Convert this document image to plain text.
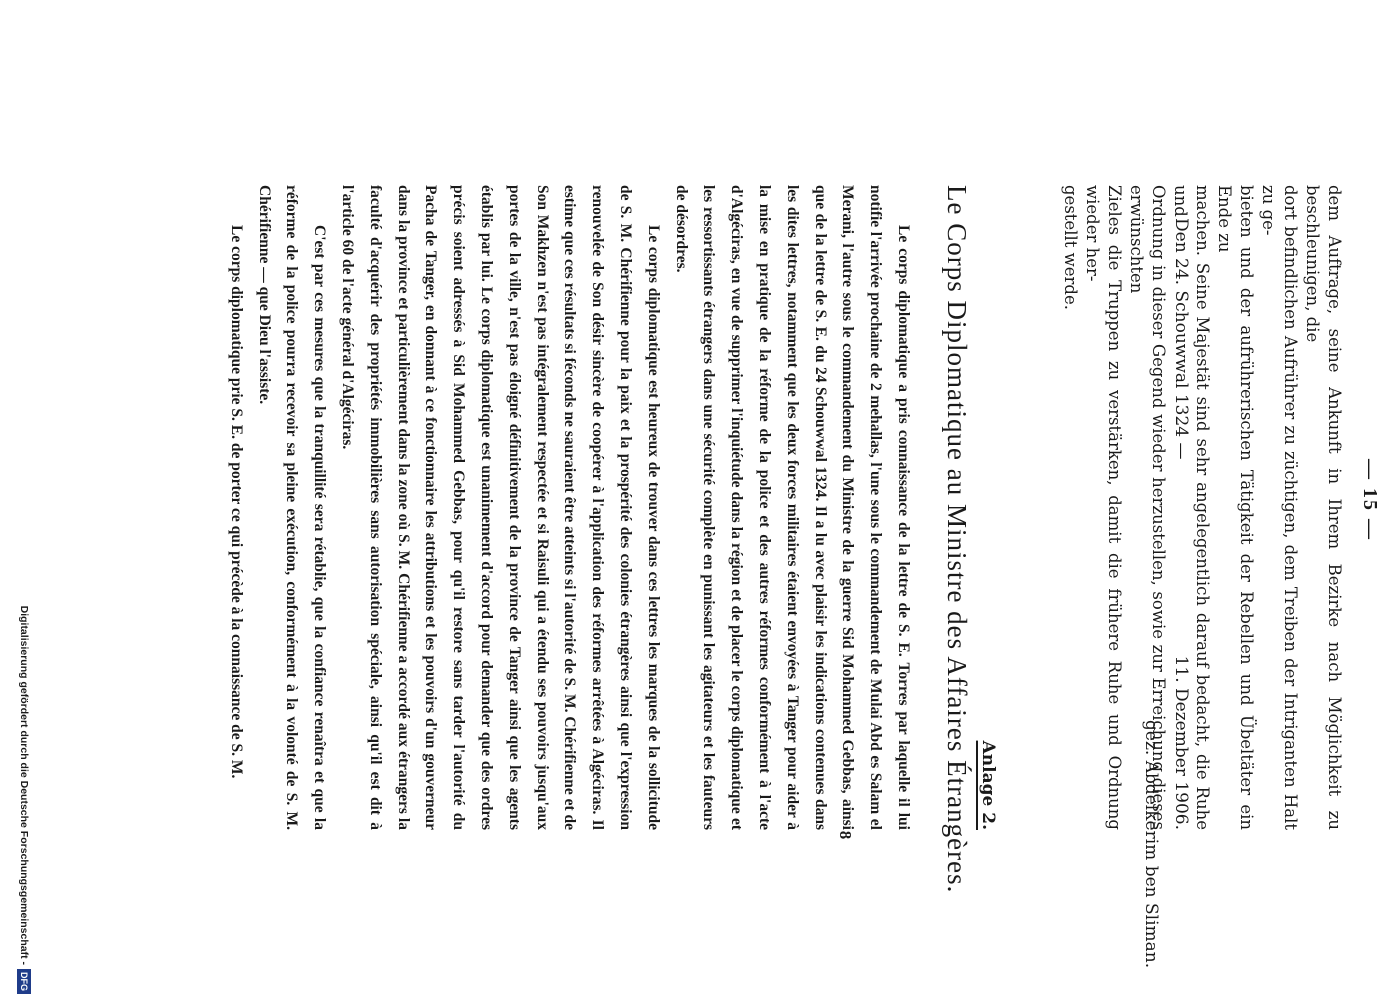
— 15 —

dem Auftrage, seine Ankunft in Ihrem Bezirke nach Möglichkeit zu beschleunigen, die

dort befindlichen Aufrührer zu züchtigen, dem Treiben der Intriganten Halt zu ge-

bieten und der aufrührerischen Tätigkeit der Rebellen und Übeltäter ein Ende zu

machen. Seine Majestät sind sehr angelegentlich darauf bedacht, die Ruhe und

Ordnung in dieser Gegend wieder herzustellen, sowie zur Erreichung dieses erwünschten

Zieles die Truppen zu verstärken, damit die frühere Ruhe und Ordnung wieder her-

gestellt werde.	Den 24. Schouwwal 1324 —
11. Dezember 1906.
gez. Abdelkerim ben Sliman.
Anlage 2.
Le Corps Diplomatique au Ministre des Affaires Étrangères.

Le corps diplomatique a pris connaissance de la lettre de S. E. Torres par laquelle il lui notifie l'arrivée prochaine de 2 mehallas, l'une sous le commandement de Mulai Abd es Salam el Merani, l'autre sous le commandement du Ministre de la guerre Sid Mohammed Gebbas, ainsi que de la lettre de S. E. du 24 Schouwwal 1324. Il a lu avec plaisir les indications contenues dans les dites lettres, notamment que les deux forces militaires étaient envoyées à Tanger pour aider à la mise en pratique de la réforme de la police et des autres réformes conformément à l'acte d'Algéciras, en vue de supprimer l'inquiétude dans la région et de placer le corps diplomatique et les ressortissants étrangers dans une sécurité complète en punissant les agitateurs et les fauteurs de désordres.

Le corps diplomatique est heureux de trouver dans ces lettres les marques de la sollicitude de S. M. Chérifienne pour la paix et la prospérité des colonies étrangères ainsi que l'expression renouvelée de Son désir sincère de coopérer à l'application des réformes arrêtées à Algéciras. Il estime que ces résultats si féconds ne sauraient être atteints si l'autorité de S. M. Chérifienne et de Son Makhzen n'est pas intégralement respectée et si Raisuli qui a étendu ses pouvoirs jusqu'aux portes de la ville, n'est pas éloigné définitivement de la province de Tanger ainsi que les agents établis par lui. Le corps diplomatique est unanimement d'accord pour demander que des ordres précis soient adressés à Sid Mohammed Gebbas, pour qu'il restore sans tarder l'autorité du Pacha de Tanger, en donnant à ce fonctionnaire les attributions et les pouvoirs d'un gouverneur dans la province et particulièrement dans la zone où S. M. Chérifienne a accordé aux étrangers la faculté d'acquérir des propriétés immobilières sans autorisation spéciale, ainsi qu'il est dit à l'article 60 de l'acte général d'Algéciras.

C'est par ces mesures que la tranquillité sera rétablie, que la confiance renaîtra et que la réforme de la police pourra recevoir sa pleine exécution, conformément à la volonté de S. M. Chérifienne — que Dieu l'assiste.

Le corps diplomatique prie S. E. de porter ce qui précède à la connaissance de S. M.

8
Digitalisierung gefördert durch die Deutsche Forschungsgemeinschaft -
DFG
